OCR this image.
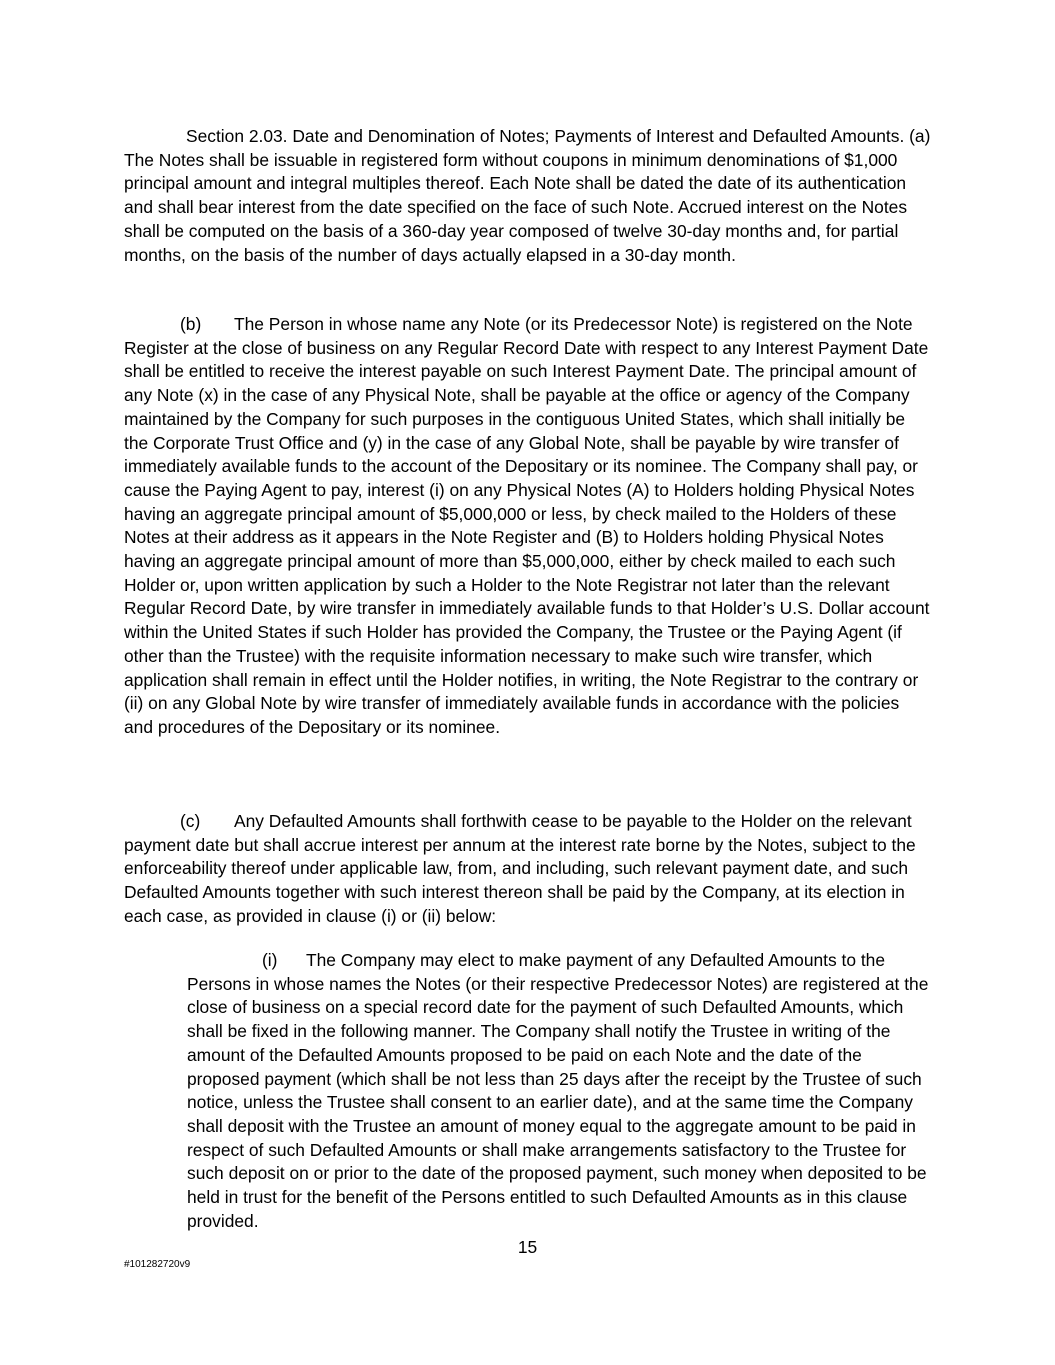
Section 2.03. Date and Denomination of Notes; Payments of Interest and Defaulted Amounts. (a) The Notes shall be issuable in registered form without coupons in minimum denominations of $1,000 principal amount and integral multiples thereof. Each Note shall be dated the date of its authentication and shall bear interest from the date specified on the face of such Note. Accrued interest on the Notes shall be computed on the basis of a 360-day year composed of twelve 30-day months and, for partial months, on the basis of the number of days actually elapsed in a 30-day month.

(b) The Person in whose name any Note (or its Predecessor Note) is registered on the Note Register at the close of business on any Regular Record Date with respect to any Interest Payment Date shall be entitled to receive the interest payable on such Interest Payment Date. The principal amount of any Note (x) in the case of any Physical Note, shall be payable at the office or agency of the Company maintained by the Company for such purposes in the contiguous United States, which shall initially be the Corporate Trust Office and (y) in the case of any Global Note, shall be payable by wire transfer of immediately available funds to the account of the Depositary or its nominee. The Company shall pay, or cause the Paying Agent to pay, interest (i) on any Physical Notes (A) to Holders holding Physical Notes having an aggregate principal amount of $5,000,000 or less, by check mailed to the Holders of these Notes at their address as it appears in the Note Register and (B) to Holders holding Physical Notes having an aggregate principal amount of more than $5,000,000, either by check mailed to each such Holder or, upon written application by such a Holder to the Note Registrar not later than the relevant Regular Record Date, by wire transfer in immediately available funds to that Holder’s U.S. Dollar account within the United States if such Holder has provided the Company, the Trustee or the Paying Agent (if other than the Trustee) with the requisite information necessary to make such wire transfer, which application shall remain in effect until the Holder notifies, in writing, the Note Registrar to the contrary or (ii) on any Global Note by wire transfer of immediately available funds in accordance with the policies and procedures of the Depositary or its nominee.

(c) Any Defaulted Amounts shall forthwith cease to be payable to the Holder on the relevant payment date but shall accrue interest per annum at the interest rate borne by the Notes, subject to the enforceability thereof under applicable law, from, and including, such relevant payment date, and such Defaulted Amounts together with such interest thereon shall be paid by the Company, at its election in each case, as provided in clause (i) or (ii) below:

(i) The Company may elect to make payment of any Defaulted Amounts to the Persons in whose names the Notes (or their respective Predecessor Notes) are registered at the close of business on a special record date for the payment of such Defaulted Amounts, which shall be fixed in the following manner. The Company shall notify the Trustee in writing of the amount of the Defaulted Amounts proposed to be paid on each Note and the date of the proposed payment (which shall be not less than 25 days after the receipt by the Trustee of such notice, unless the Trustee shall consent to an earlier date), and at the same time the Company shall deposit with the Trustee an amount of money equal to the aggregate amount to be paid in respect of such Defaulted Amounts or shall make arrangements satisfactory to the Trustee for such deposit on or prior to the date of the proposed payment, such money when deposited to be held in trust for the benefit of the Persons entitled to such Defaulted Amounts as in this clause provided.

15
#101282720v9
